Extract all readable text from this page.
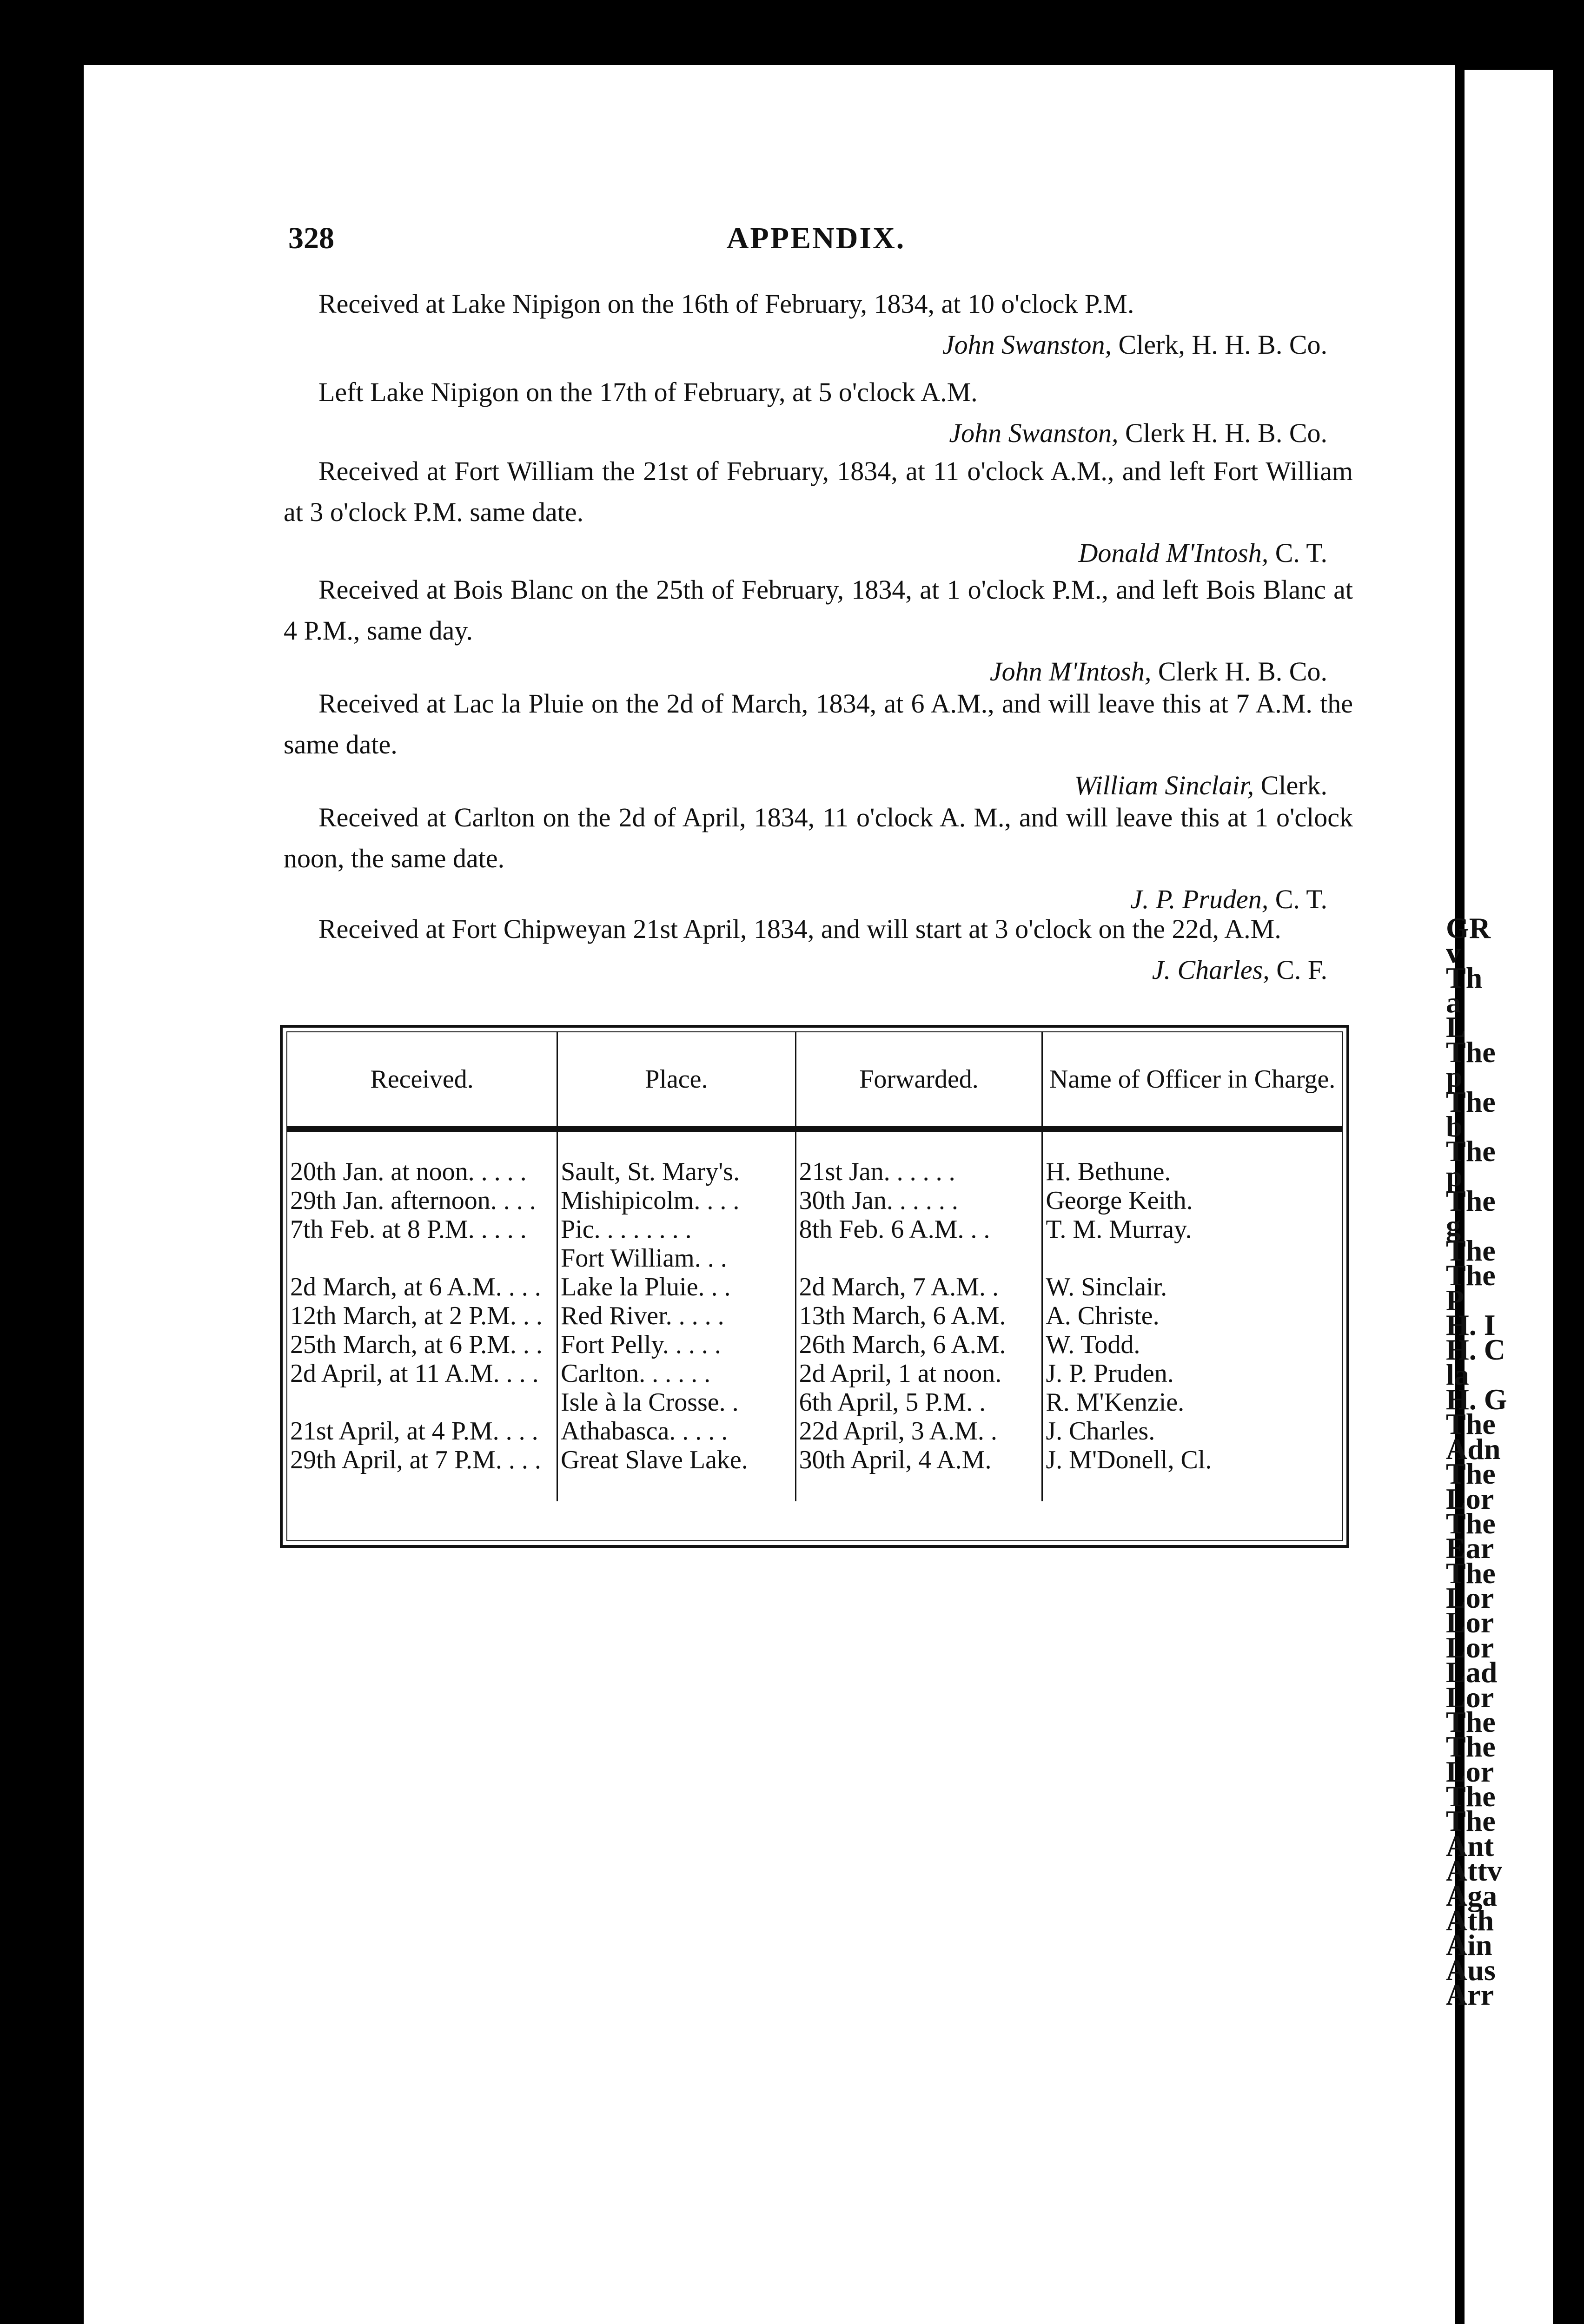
GR
v
Th
a
L
The
p
The
b
The
p
The
g
The
The
P
H. I
H. C
la
H. G
The
Adn
The
Lor
The
Ear
The
Lor
Lor
Lor
Lad
Lor
The
The
Lor
The
The
Ant
Attv
Aga
Ath
Ain
Aus
Arr
328	APPENDIX.
Received at Lake Nipigon on the 16th of February, 1834, at 10 o'clock P.M.
John Swanston, Clerk, H. H. B. Co.
Left Lake Nipigon on the 17th of February, at 5 o'clock A.M.
John Swanston, Clerk H. H. B. Co.
Received at Fort William the 21st of February, 1834, at 11 o'clock A.M., and left Fort William at 3 o'clock P.M. same date.
Donald M'Intosh, C. T.
Received at Bois Blanc on the 25th of February, 1834, at 1 o'clock P.M., and left Bois Blanc at 4 P.M., same day.
John M'Intosh, Clerk H. B. Co.
Received at Lac la Pluie on the 2d of March, 1834, at 6 A.M., and will leave this at 7 A.M. the same date.
William Sinclair, Clerk.
Received at Carlton on the 2d of April, 1834, 11 o'clock A. M., and will leave this at 1 o'clock noon, the same date.
J. P. Pruden, C. T.
Received at Fort Chipweyan 21st April, 1834, and will start at 3 o'clock on the 22d, A.M.
J. Charles, C. F.
Received.	Place.	Forwarded.	Name of Officer in Charge.
20th Jan. at noon. . . . .	Sault, St. Mary's.	21st Jan. . . . . .	H. Bethune.
29th Jan. afternoon. . . .	Mishipicolm. . . .	30th Jan. . . . . .	George Keith.
7th Feb. at 8 P.M. . . . .	Pic. . . . . . . .	8th Feb. 6 A.M. . .	T. M. Murray.
	Fort William. . .		
2d March, at 6 A.M. . . .	Lake la Pluie. . .	2d March, 7 A.M. .	W. Sinclair.
12th March, at 2 P.M. . .	Red River. . . . .	13th March, 6 A.M.	A. Christe.
25th March, at 6 P.M. . .	Fort Pelly. . . . .	26th March, 6 A.M.	W. Todd.
2d April, at 11 A.M. . . .	Carlton. . . . . .	2d April, 1 at noon.	J. P. Pruden.
	Isle à la Crosse. .	6th April, 5 P.M. .	R. M'Kenzie.
21st April, at 4 P.M. . . .	Athabasca. . . . .	22d April, 3 A.M. .	J. Charles.
29th April, at 7 P.M. . . .	Great Slave Lake.	30th April, 4 A.M.	J. M'Donell, Cl.
